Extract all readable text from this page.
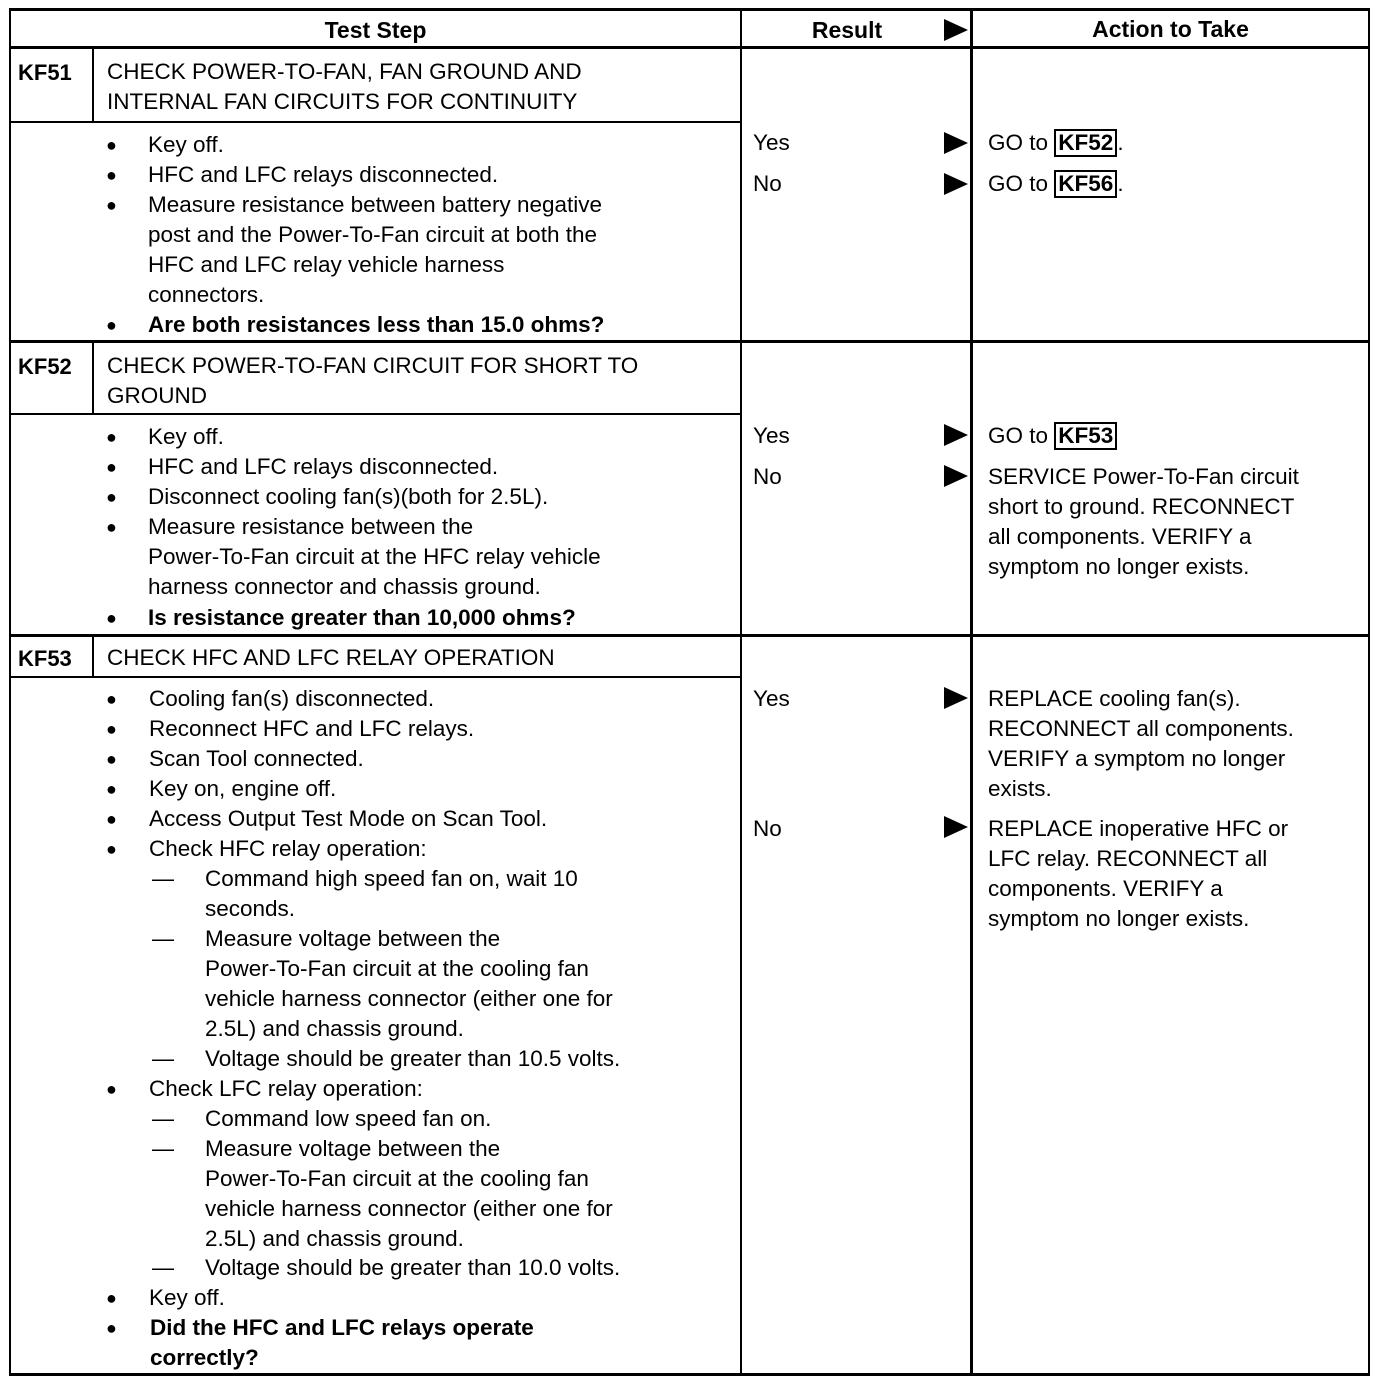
Test Step	Result	Action to Take
KF51 CHECK POWER-TO-FAN, FAN GROUND AND
INTERNAL FAN CIRCUITS FOR CONTINUITY
● Key off.
● HFC and LFC relays disconnected.
● Measure resistance between battery negative
post and the Power-To-Fan circuit at both the
HFC and LFC relay vehicle harness
connectors.
● Are both resistances less than 15.0 ohms?
Yes	GO to KF52 .
No	GO to KF56 .
KF52 CHECK POWER-TO-FAN CIRCUIT FOR SHORT TO
GROUND
● Key off.
● HFC and LFC relays disconnected.
● Disconnect cooling fan(s)(both for 2.5L).
● Measure resistance between the
Power-To-Fan circuit at the HFC relay vehicle
harness connector and chassis ground.
● Is resistance greater than 10,000 ohms?
Yes	GO to KF53
No	SERVICE Power-To-Fan circuit
short to ground. RECONNECT
all components. VERIFY a
symptom no longer exists.
KF53 CHECK HFC AND LFC RELAY OPERATION
● Cooling fan(s) disconnected.
● Reconnect HFC and LFC relays.
● Scan Tool connected.
● Key on, engine off.
● Access Output Test Mode on Scan Tool.
● Check HFC relay operation:
— Command high speed fan on, wait 10
seconds.
— Measure voltage between the
Power-To-Fan circuit at the cooling fan
vehicle harness connector (either one for
2.5L) and chassis ground.
— Voltage should be greater than 10.5 volts.
● Check LFC relay operation:
— Command low speed fan on.
— Measure voltage between the
Power-To-Fan circuit at the cooling fan
vehicle harness connector (either one for
2.5L) and chassis ground.
— Voltage should be greater than 10.0 volts.
● Key off.
● Did the HFC and LFC relays operate
correctly?
Yes	REPLACE cooling fan(s).
RECONNECT all components.
VERIFY a symptom no longer
exists.
No	REPLACE inoperative HFC or
LFC relay. RECONNECT all
components. VERIFY a
symptom no longer exists.
